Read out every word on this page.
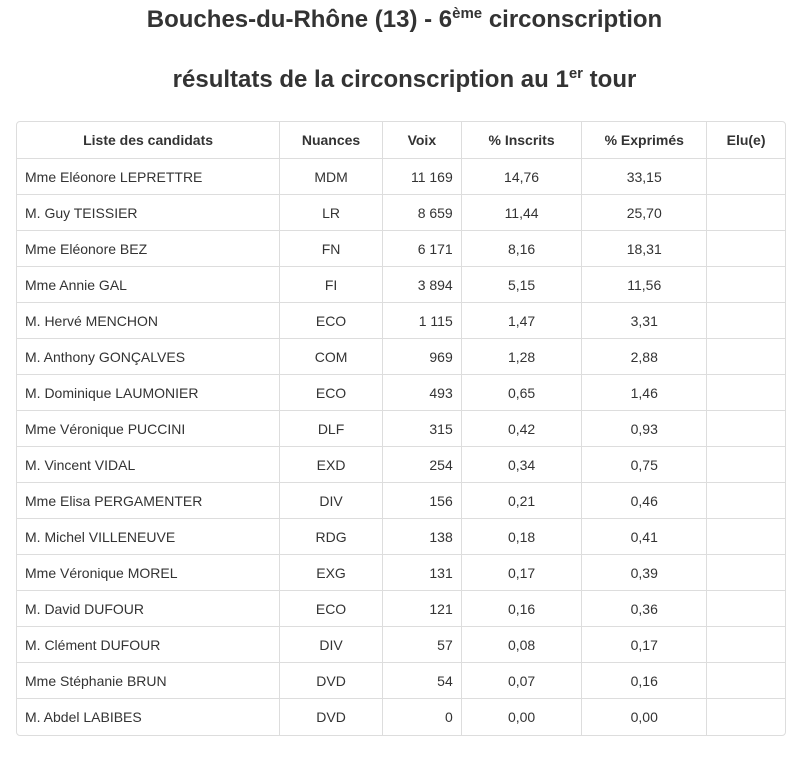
Bouches-du-Rhône (13) - 6ème circonscription
résultats de la circonscription au 1er tour
Liste des candidats	Nuances	Voix	% Inscrits	% Exprimés	Elu(e)
Mme Eléonore LEPRETTRE	MDM	11 169	14,76	33,15	
M. Guy TEISSIER	LR	8 659	11,44	25,70	
Mme Eléonore BEZ	FN	6 171	8,16	18,31	
Mme Annie GAL	FI	3 894	5,15	11,56	
M. Hervé MENCHON	ECO	1 115	1,47	3,31	
M. Anthony GONÇALVES	COM	969	1,28	2,88	
M. Dominique LAUMONIER	ECO	493	0,65	1,46	
Mme Véronique PUCCINI	DLF	315	0,42	0,93	
M. Vincent VIDAL	EXD	254	0,34	0,75	
Mme Elisa PERGAMENTER	DIV	156	0,21	0,46	
M. Michel VILLENEUVE	RDG	138	0,18	0,41	
Mme Véronique MOREL	EXG	131	0,17	0,39	
M. David DUFOUR	ECO	121	0,16	0,36	
M. Clément DUFOUR	DIV	57	0,08	0,17	
Mme Stéphanie BRUN	DVD	54	0,07	0,16	
M. Abdel LABIBES	DVD	0	0,00	0,00	
